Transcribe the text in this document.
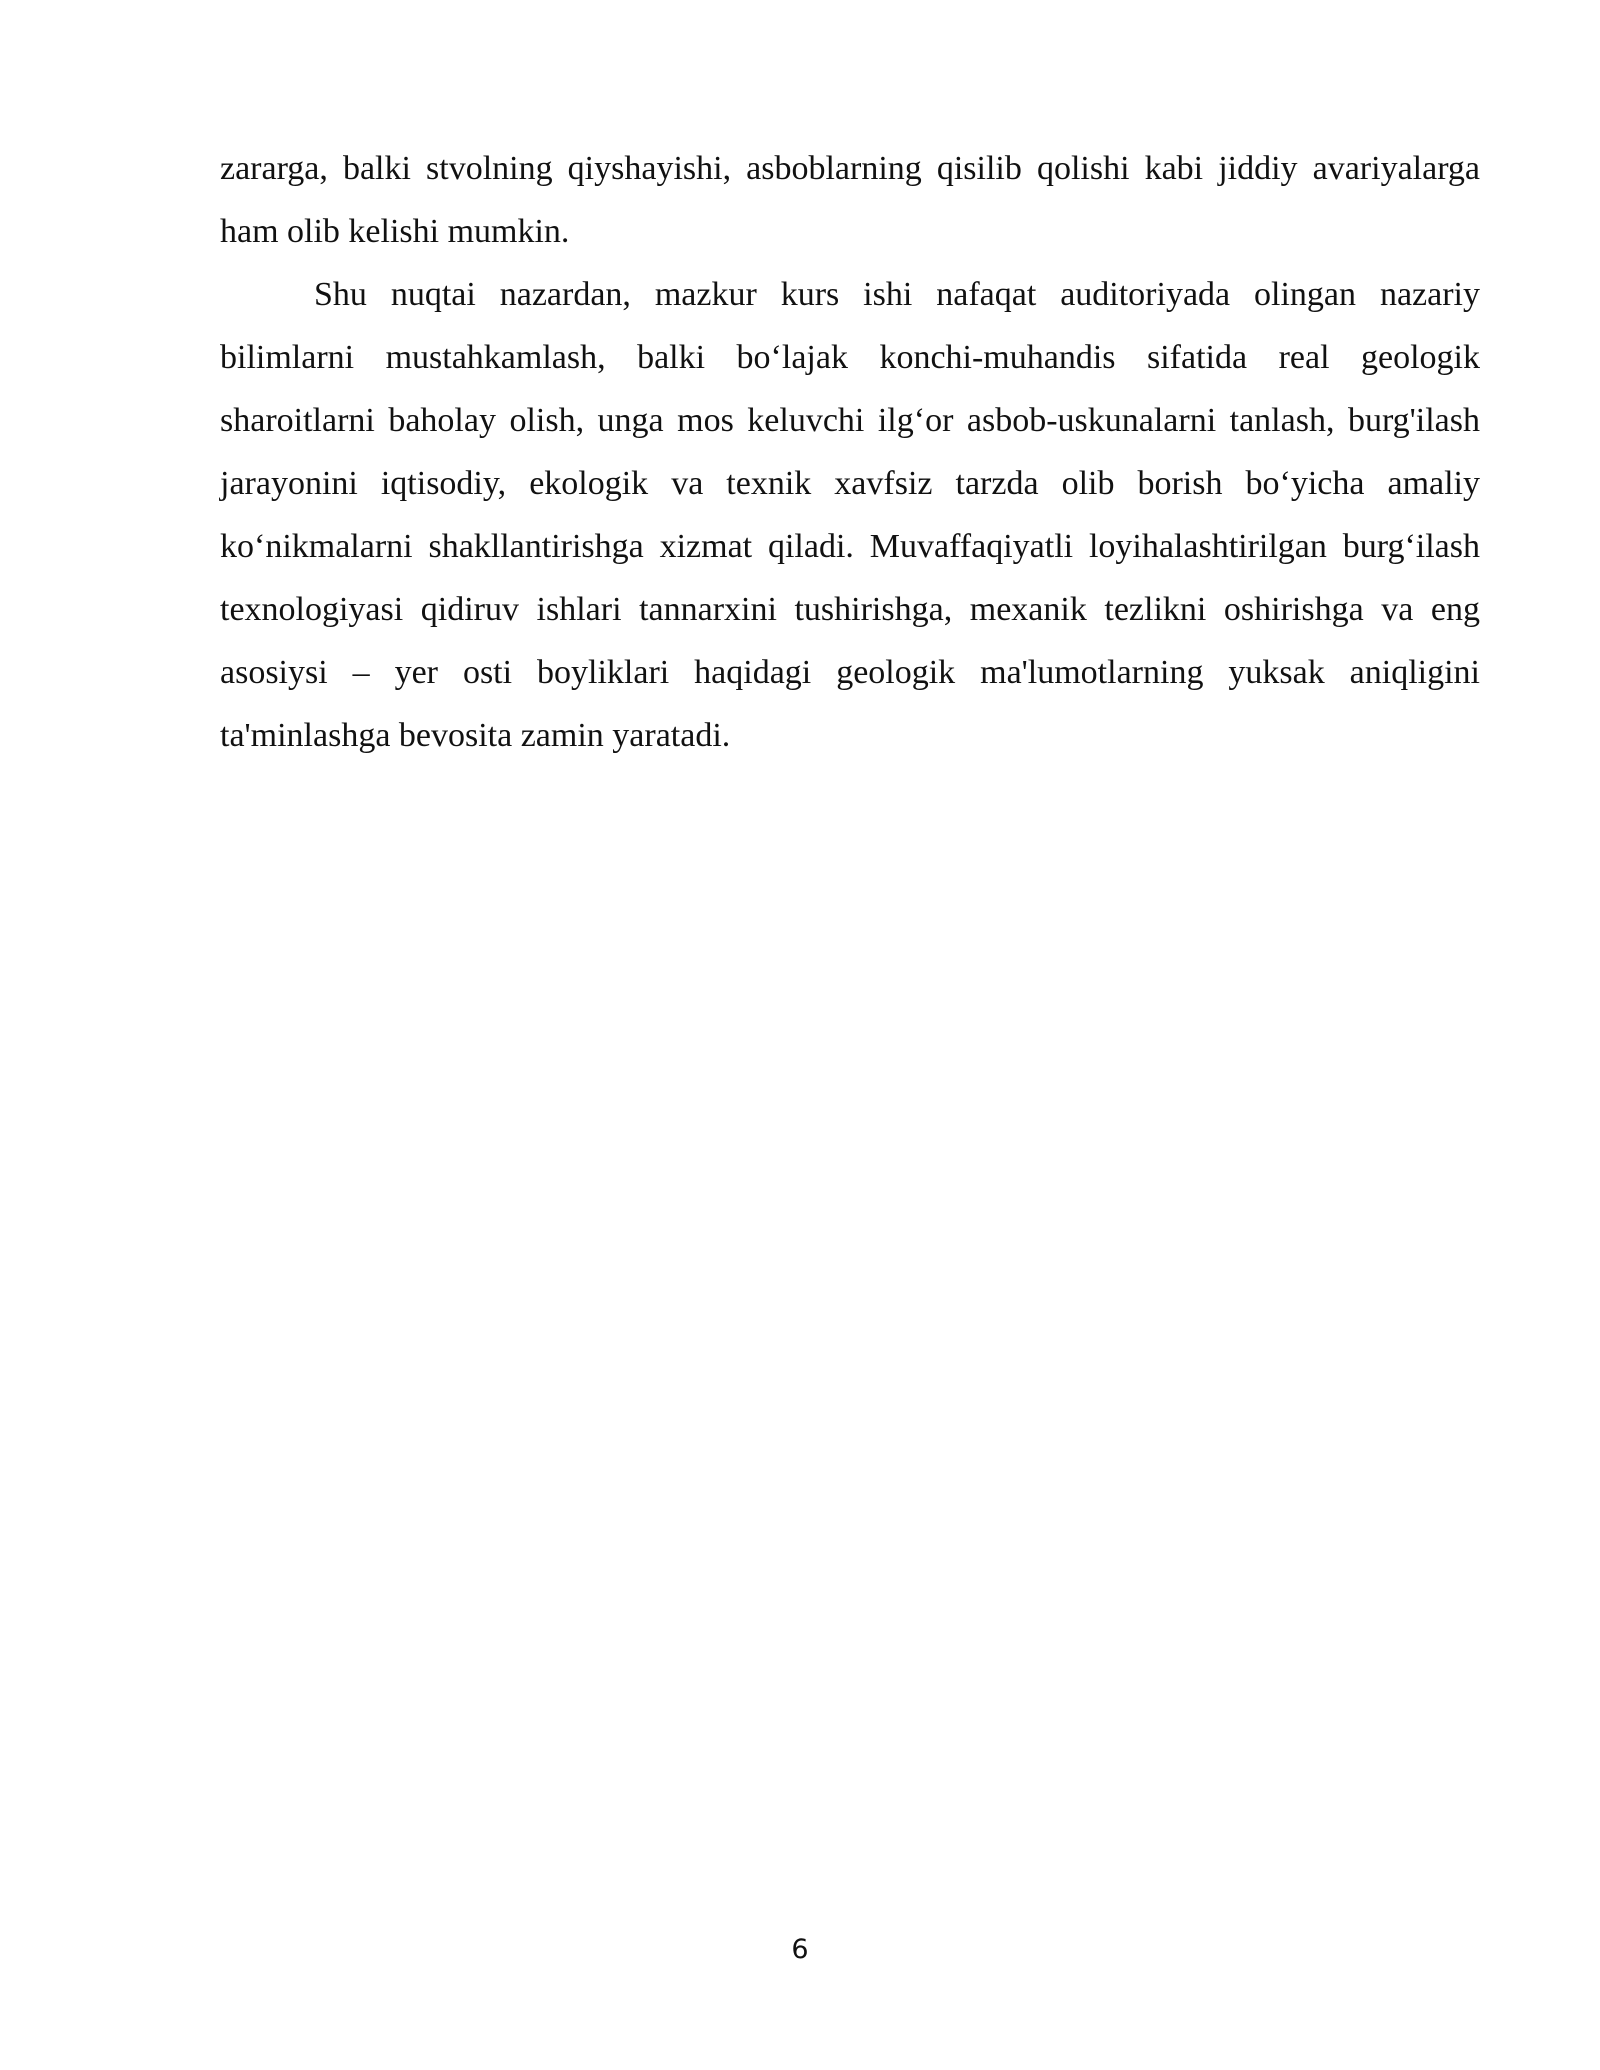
zararga, balki stvolning qiyshayishi, asboblarning qisilib qolishi kabi jiddiy avariyalarga ham olib kelishi mumkin.

Shu nuqtai nazardan, mazkur kurs ishi nafaqat auditoriyada olingan nazariy bilimlarni mustahkamlash, balki bo‘lajak konchi-muhandis sifatida real geologik sharoitlarni baholay olish, unga mos keluvchi ilg‘or asbob-uskunalarni tanlash, burg'ilash jarayonini iqtisodiy, ekologik va texnik xavfsiz tarzda olib borish bo‘yicha amaliy ko‘nikmalarni shakllantirishga xizmat qiladi. Muvaffaqiyatli loyihalashtirilgan burg‘ilash texnologiyasi qidiruv ishlari tannarxini tushirishga, mexanik tezlikni oshirishga va eng asosiysi – yer osti boyliklari haqidagi geologik ma'lumotlarning yuksak aniqligini ta'minlashga bevosita zamin yaratadi.

6
